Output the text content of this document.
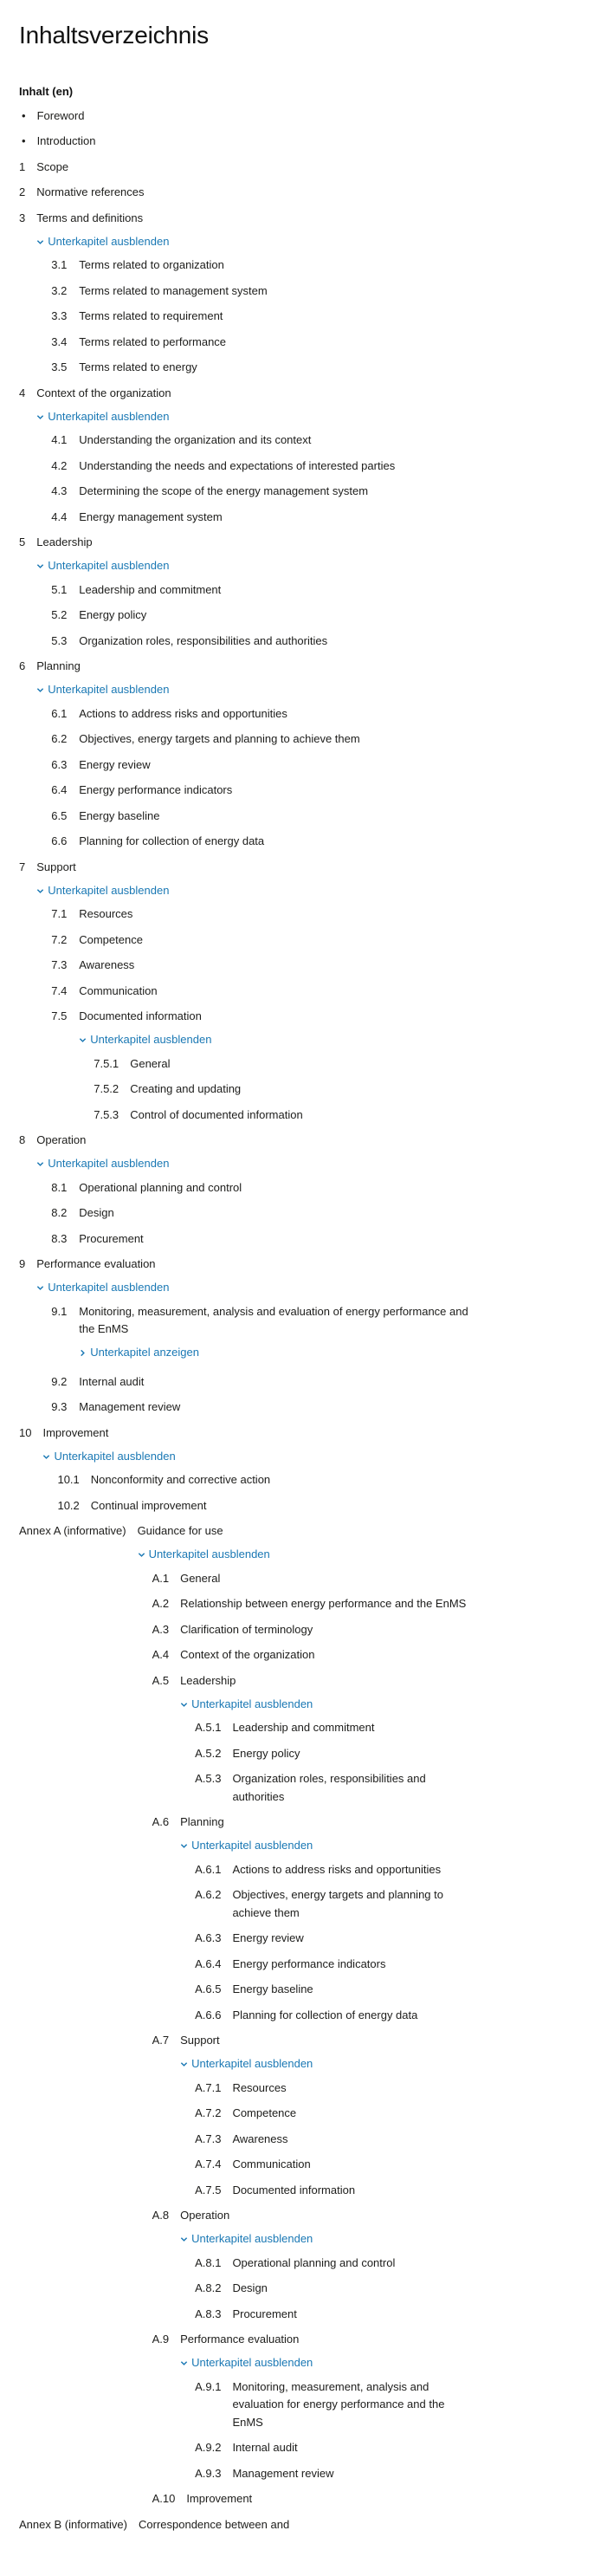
Inhaltsverzeichnis
Inhalt (en)
•
Foreword
•
Introduction
1	Scope
2	Normative references
3	Terms and definitions
Unterkapitel ausblenden
3.1	Terms related to organization
3.2	Terms related to management system
3.3	Terms related to requirement
3.4	Terms related to performance
3.5	Terms related to energy
4	Context of the organization
Unterkapitel ausblenden
4.1	Understanding the organization and its context
4.2	Understanding the needs and expectations of interested parties
4.3	Determining the scope of the energy management system
4.4	Energy management system
5	Leadership
Unterkapitel ausblenden
5.1	Leadership and commitment
5.2	Energy policy
5.3	Organization roles, responsibilities and authorities
6	Planning
Unterkapitel ausblenden
6.1	Actions to address risks and opportunities
6.2	Objectives, energy targets and planning to achieve them
6.3	Energy review
6.4	Energy performance indicators
6.5	Energy baseline
6.6	Planning for collection of energy data
7	Support
Unterkapitel ausblenden
7.1	Resources
7.2	Competence
7.3	Awareness
7.4	Communication
7.5	Documented information
Unterkapitel ausblenden
7.5.1	General
7.5.2	Creating and updating
7.5.3	Control of documented information
8	Operation
Unterkapitel ausblenden
8.1	Operational planning and control
8.2	Design
8.3	Procurement
9	Performance evaluation
Unterkapitel ausblenden
9.1	Monitoring, measurement, analysis and evaluation of energy performance and the EnMS
Unterkapitel anzeigen
9.2	Internal audit
9.3	Management review
10	Improvement
Unterkapitel ausblenden
10.1	Nonconformity and corrective action
10.2	Continual improvement
Annex A (informative)	Guidance for use
Unterkapitel ausblenden
A.1	General
A.2	Relationship between energy performance and the EnMS
A.3	Clarification of terminology
A.4	Context of the organization
A.5	Leadership
Unterkapitel ausblenden
A.5.1	Leadership and commitment
A.5.2	Energy policy
A.5.3	Organization roles, responsibilities and authorities
A.6	Planning
Unterkapitel ausblenden
A.6.1	Actions to address risks and opportunities
A.6.2	Objectives, energy targets and planning to achieve them
A.6.3	Energy review
A.6.4	Energy performance indicators
A.6.5	Energy baseline
A.6.6	Planning for collection of energy data
A.7	Support
Unterkapitel ausblenden
A.7.1	Resources
A.7.2	Competence
A.7.3	Awareness
A.7.4	Communication
A.7.5	Documented information
A.8	Operation
Unterkapitel ausblenden
A.8.1	Operational planning and control
A.8.2	Design
A.8.3	Procurement
A.9	Performance evaluation
Unterkapitel ausblenden
A.9.1	Monitoring, measurement, analysis and evaluation for energy performance and the EnMS
A.9.2	Internal audit
A.9.3	Management review
A.10	Improvement
Annex B (informative)	Correspondence between and
